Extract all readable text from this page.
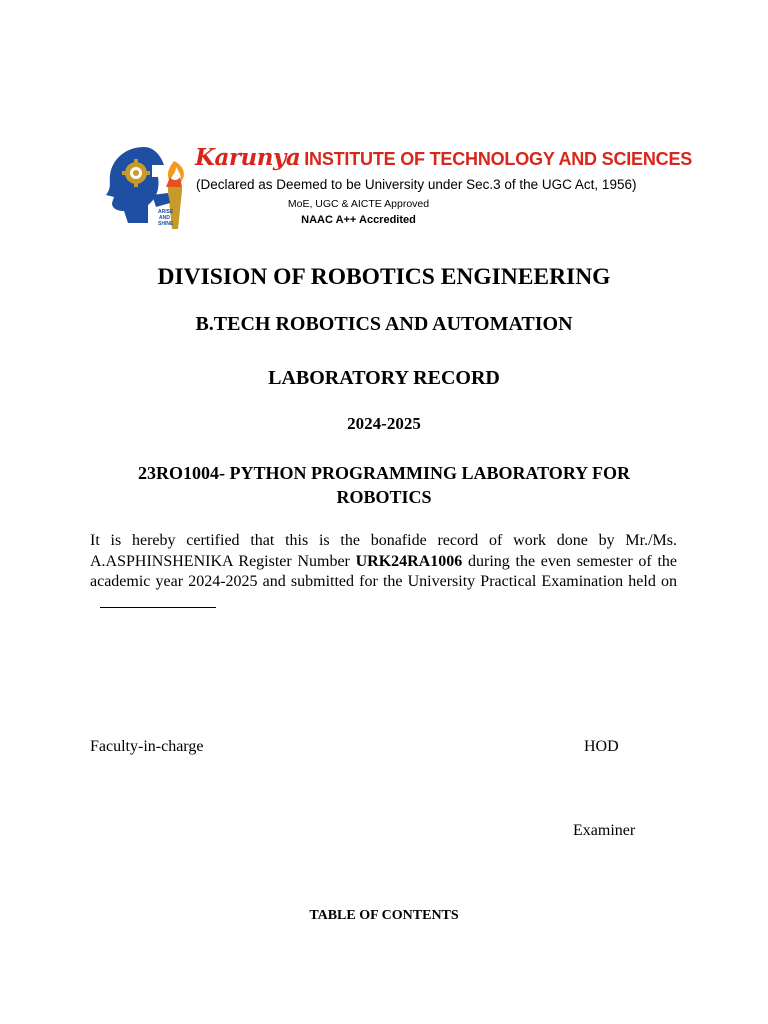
ARISE
AND
SHINE
Karunya INSTITUTE OF TECHNOLOGY AND SCIENCES
(Declared as Deemed to be University under Sec.3 of the UGC Act, 1956)
MoE, UGC & AICTE Approved
NAAC A++ Accredited
DIVISION OF ROBOTICS ENGINEERING
B.TECH ROBOTICS AND AUTOMATION
LABORATORY RECORD
2024-2025
23RO1004- PYTHON PROGRAMMING LABORATORY FOR
ROBOTICS
It is hereby certified that this is the bonafide record of work done by Mr./Ms. A.ASPHINSHENIKA Register Number URK24RA1006 during the even semester of the academic year 2024-2025 and submitted for the University Practical Examination held on
Faculty-in-charge	HOD
Examiner
TABLE OF CONTENTS
